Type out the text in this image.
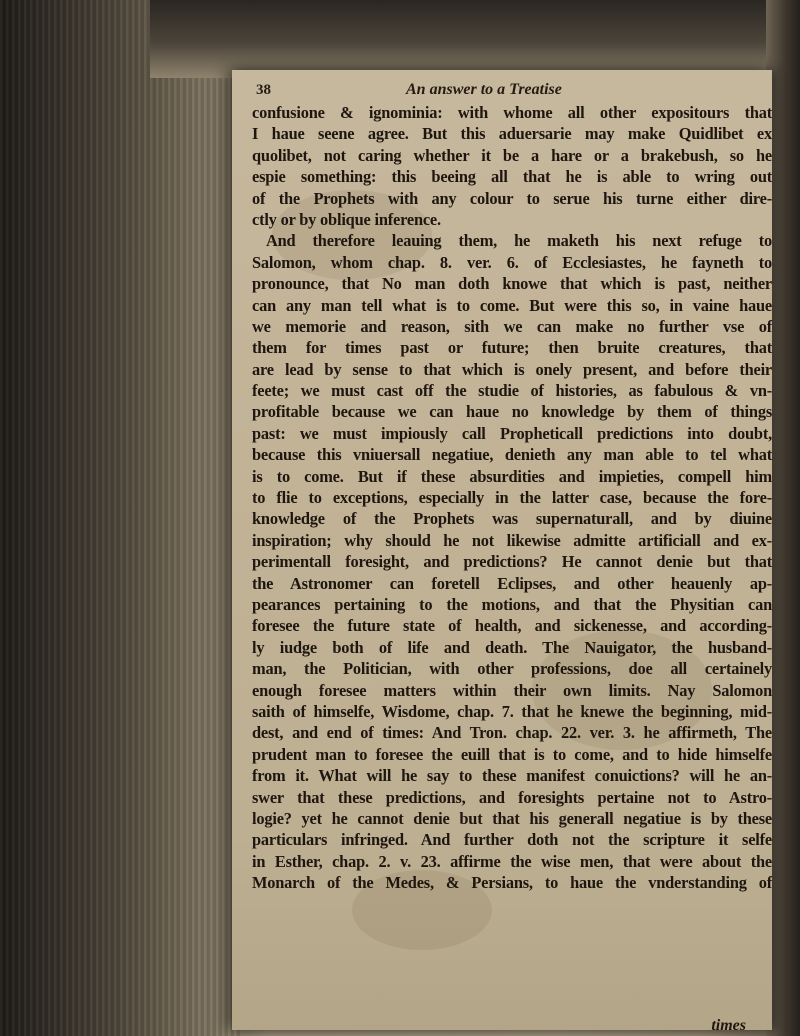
38	An answer to a Treatise
confusione & ignominia: with whome all other expositours that
I haue seene agree. But this aduersarie may make Quidlibet ex
quolibet, not caring whether it be a hare or a brakebush, so he
espie something: this beeing all that he is able to wring out
of the Prophets with any colour to serue his turne either dire-
ctly or by oblique inference.
And therefore leauing them, he maketh his next refuge to
Salomon, whom chap. 8. ver. 6. of Ecclesiastes, he fayneth to
pronounce, that No man doth knowe that which is past, neither
can any man tell what is to come. But were this so, in vaine haue
we memorie and reason, sith we can make no further vse of
them for times past or future; then bruite creatures, that
are lead by sense to that which is onely present, and before their
feete; we must cast off the studie of histories, as fabulous & vn-
profitable because we can haue no knowledge by them of things
past: we must impiously call Propheticall predictions into doubt,
because this vniuersall negatiue, denieth any man able to tel what
is to come. But if these absurdities and impieties, compell him
to flie to exceptions, especially in the latter case, because the fore-
knowledge of the Prophets was supernaturall, and by diuine
inspiration; why should he not likewise admitte artificiall and ex-
perimentall foresight, and predictions? He cannot denie but that
the Astronomer can foretell Eclipses, and other heauenly ap-
pearances pertaining to the motions, and that the Physitian can
foresee the future state of health, and sickenesse, and according-
ly iudge both of life and death. The Nauigator, the husband-
man, the Politician, with other professions, doe all certainely
enough foresee matters within their own limits. Nay Salomon
saith of himselfe, Wisdome, chap. 7. that he knewe the beginning, mid-
dest, and end of times: And Tron. chap. 22. ver. 3. he affirmeth, The
prudent man to foresee the euill that is to come, and to hide himselfe
from it. What will he say to these manifest conuictions? will he an-
swer that these predictions, and foresights pertaine not to Astro-
logie? yet he cannot denie but that his generall negatiue is by these
particulars infringed. And further doth not the scripture it selfe
in Esther, chap. 2. v. 23. affirme the wise men, that were about the
Monarch of the Medes, & Persians, to haue the vnderstanding of
times
